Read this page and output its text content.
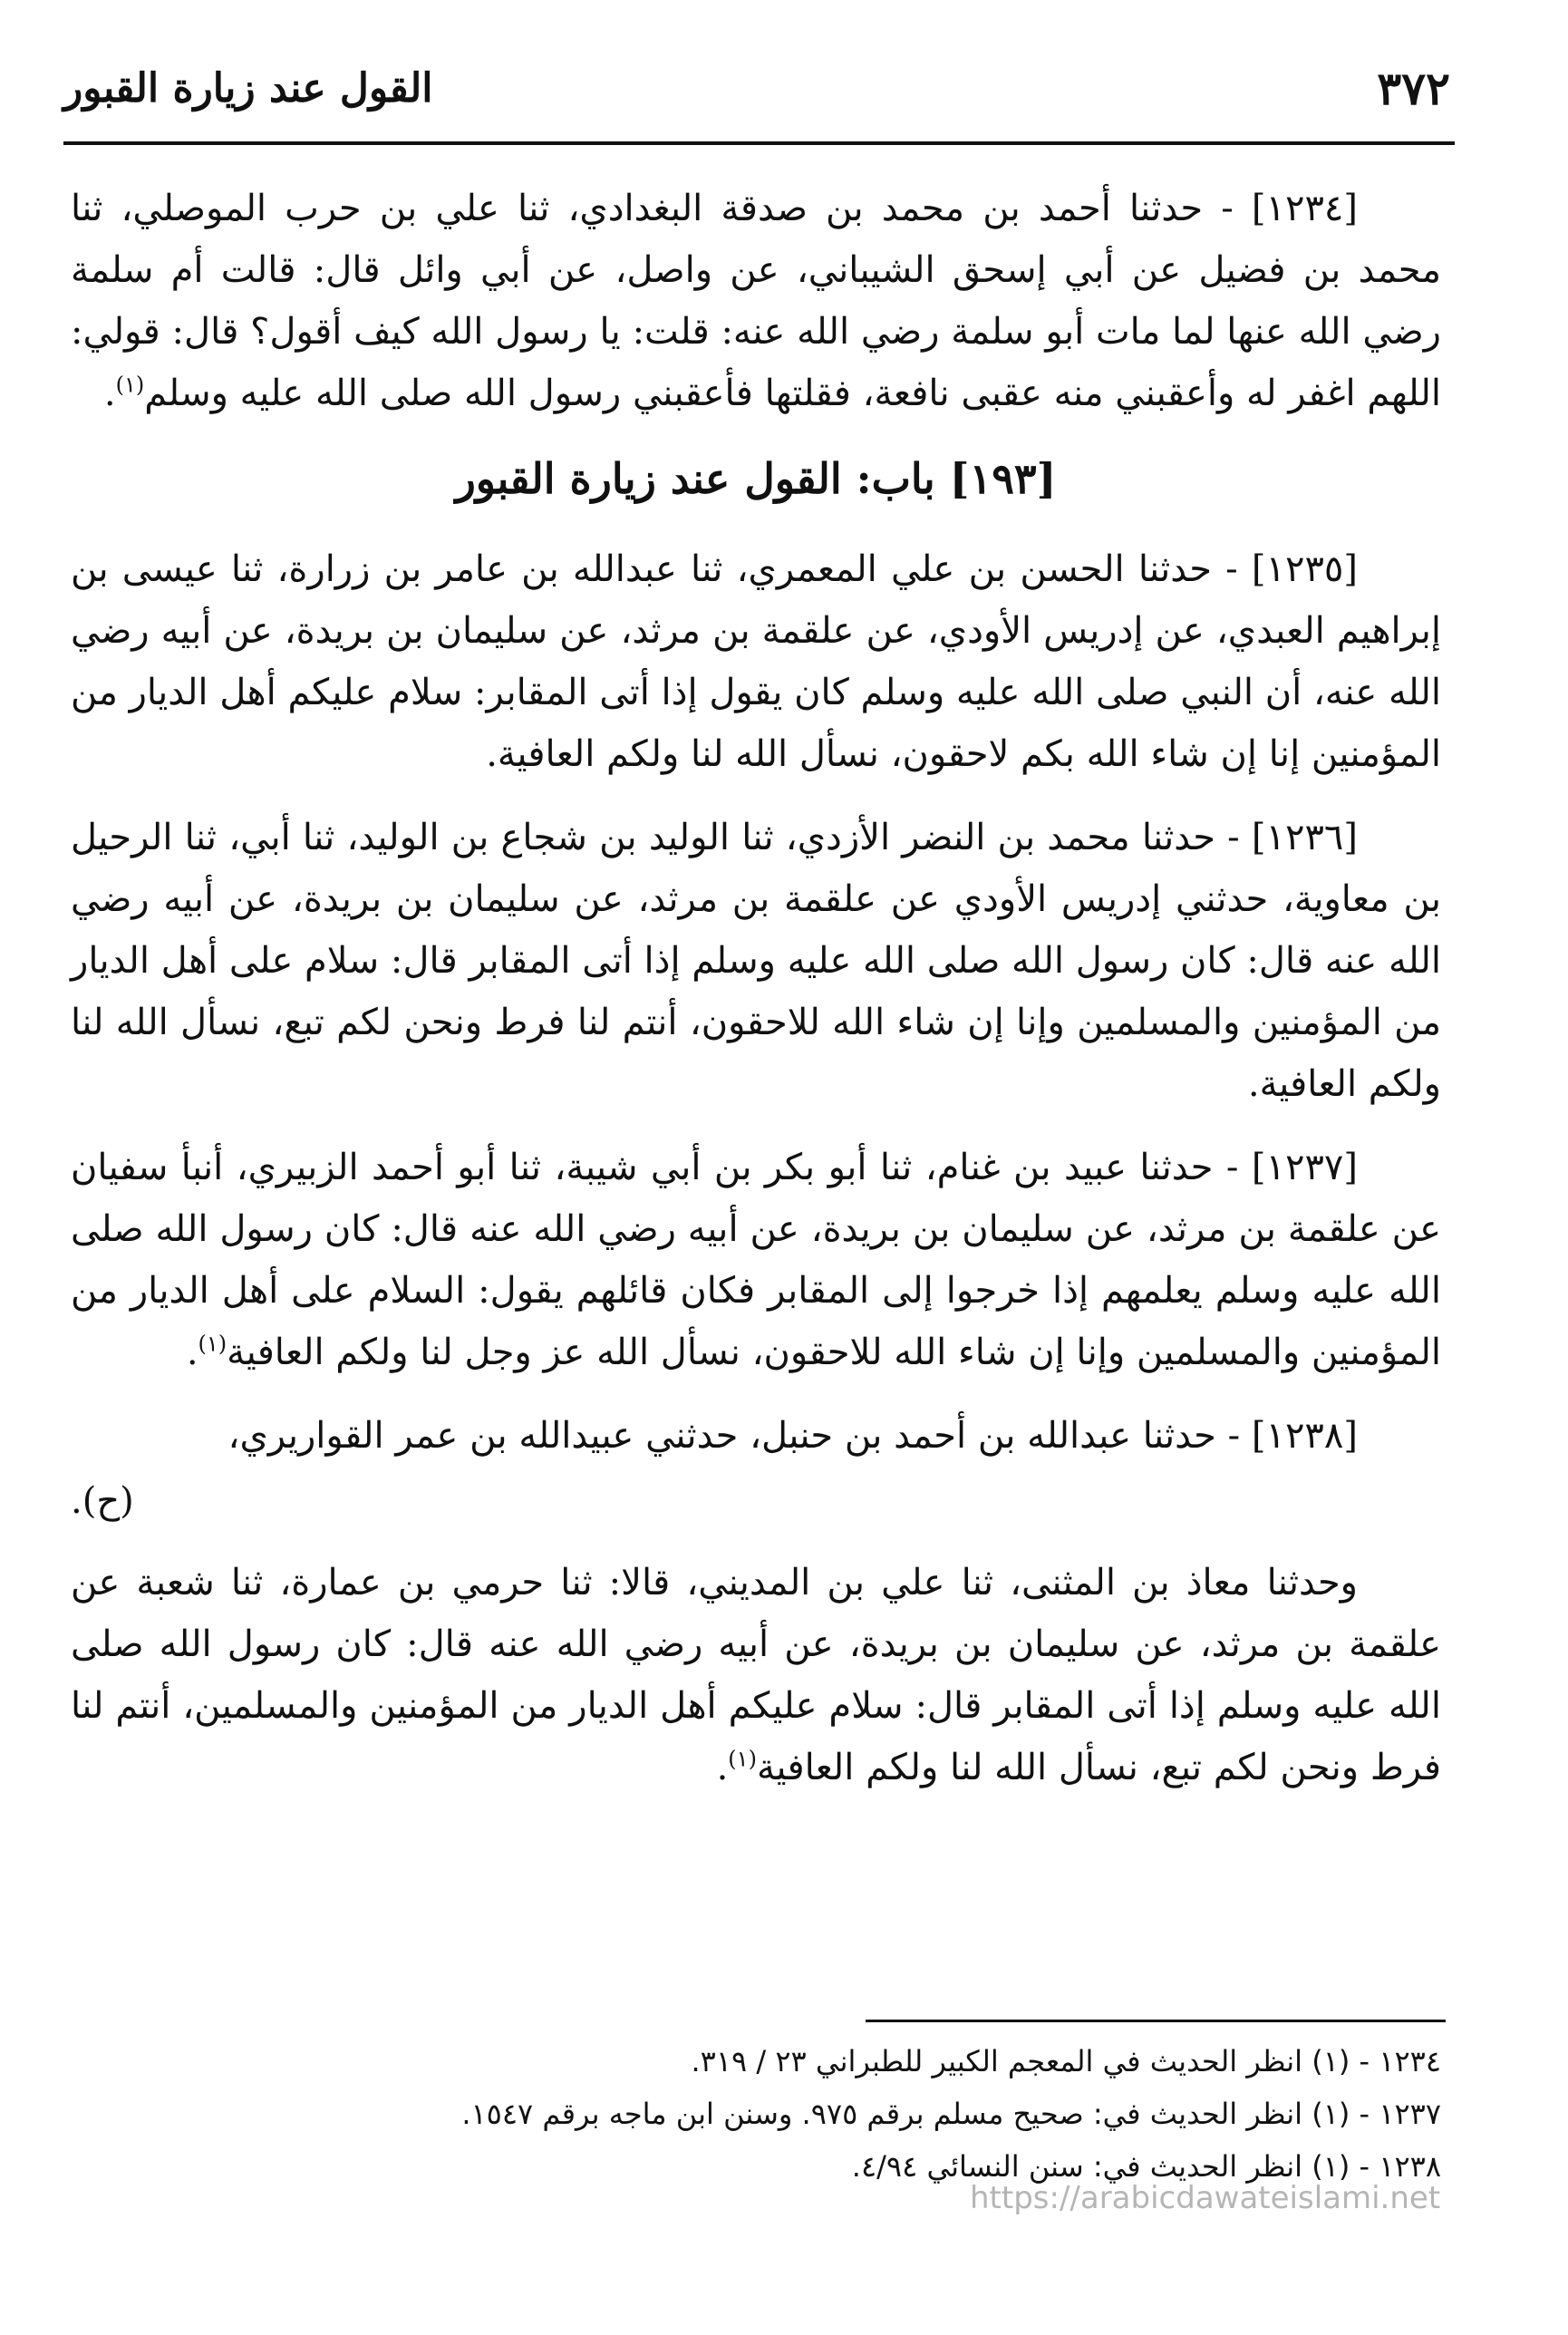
٣٧٢
القول عند زيارة القبور

[١٢٣٤] - حدثنا أحمد بن محمد بن صدقة البغدادي، ثنا علي بن حرب الموصلي، ثنا محمد بن فضيل عن أبي إسحق الشيباني، عن واصل، عن أبي وائل قال: قالت أم سلمة رضي الله عنها لما مات أبو سلمة رضي الله عنه: قلت: يا رسول الله كيف أقول؟ قال: قولي: اللهم اغفر له وأعقبني منه عقبى نافعة، فقلتها فأعقبني رسول الله صلى الله عليه وسلم$^{(١)}$.

[١٩٣] باب: القول عند زيارة القبور

[١٢٣٥] - حدثنا الحسن بن علي المعمري، ثنا عبدالله بن عامر بن زرارة، ثنا عيسى بن إبراهيم العبدي، عن إدريس الأودي، عن علقمة بن مرثد، عن سليمان بن بريدة، عن أبيه رضي الله عنه، أن النبي صلى الله عليه وسلم كان يقول إذا أتى المقابر: سلام عليكم أهل الديار من المؤمنين إنا إن شاء الله بكم لاحقون، نسأل الله لنا ولكم العافية.

[١٢٣٦] - حدثنا محمد بن النضر الأزدي، ثنا الوليد بن شجاع بن الوليد، ثنا أبي، ثنا الرحيل بن معاوية، حدثني إدريس الأودي عن علقمة بن مرثد، عن سليمان بن بريدة، عن أبيه رضي الله عنه قال: كان رسول الله صلى الله عليه وسلم إذا أتى المقابر قال: سلام على أهل الديار من المؤمنين والمسلمين وإنا إن شاء الله للاحقون، أنتم لنا فرط ونحن لكم تبع، نسأل الله لنا ولكم العافية.

[١٢٣٧] - حدثنا عبيد بن غنام، ثنا أبو بكر بن أبي شيبة، ثنا أبو أحمد الزبيري، أنبأ سفيان عن علقمة بن مرثد، عن سليمان بن بريدة، عن أبيه رضي الله عنه قال: كان رسول الله صلى الله عليه وسلم يعلمهم إذا خرجوا إلى المقابر فكان قائلهم يقول: السلام على أهل الديار من المؤمنين والمسلمين وإنا إن شاء الله للاحقون، نسأل الله عز وجل لنا ولكم العافية$^{(١)}$.

[١٢٣٨] - حدثنا عبدالله بن أحمد بن حنبل، حدثني عبيدالله بن عمر القواريري،

(ح).

وحدثنا معاذ بن المثنى، ثنا علي بن المديني، قالا: ثنا حرمي بن عمارة، ثنا شعبة عن علقمة بن مرثد، عن سليمان بن بريدة، عن أبيه رضي الله عنه قال: كان رسول الله صلى الله عليه وسلم إذا أتى المقابر قال: سلام عليكم أهل الديار من المؤمنين والمسلمين، أنتم لنا فرط ونحن لكم تبع، نسأل الله لنا ولكم العافية$^{(١)}$.

١٢٣٤ - (١) انظر الحديث في المعجم الكبير للطبراني ٢٣ / ٣١٩.

١٢٣٧ - (١) انظر الحديث في: صحيح مسلم برقم ٩٧٥. وسنن ابن ماجه برقم ١٥٤٧.

١٢٣٨ - (١) انظر الحديث في: سنن النسائي ٤/٩٤.

https://arabicdawateislami.net
